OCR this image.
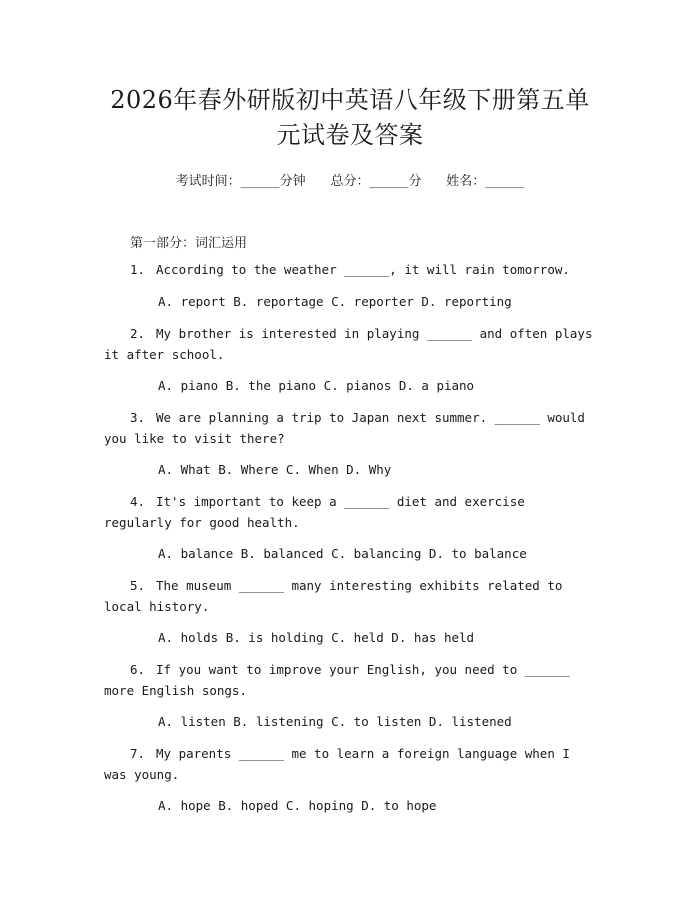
2026年春外研版初中英语八年级下册第五单
元试卷及答案
考试时间：______分钟 总分：______分 姓名：______
第一部分：词汇运用
1. According to the weather ______, it will rain tomorrow.
A. report B. reportage C. reporter D. reporting
2. My brother is interested in playing ______ and often plays it after school.
A. piano B. the piano C. pianos D. a piano
3. We are planning a trip to Japan next summer. ______ would you like to visit there?
A. What B. Where C. When D. Why
4. It's important to keep a ______ diet and exercise regularly for good health.
A. balance B. balanced C. balancing D. to balance
5. The museum ______ many interesting exhibits related to local history.
A. holds B. is holding C. held D. has held
6. If you want to improve your English, you need to ______ more English songs.
A. listen B. listening C. to listen D. listened
7. My parents ______ me to learn a foreign language when I was young.
A. hope B. hoped C. hoping D. to hope
